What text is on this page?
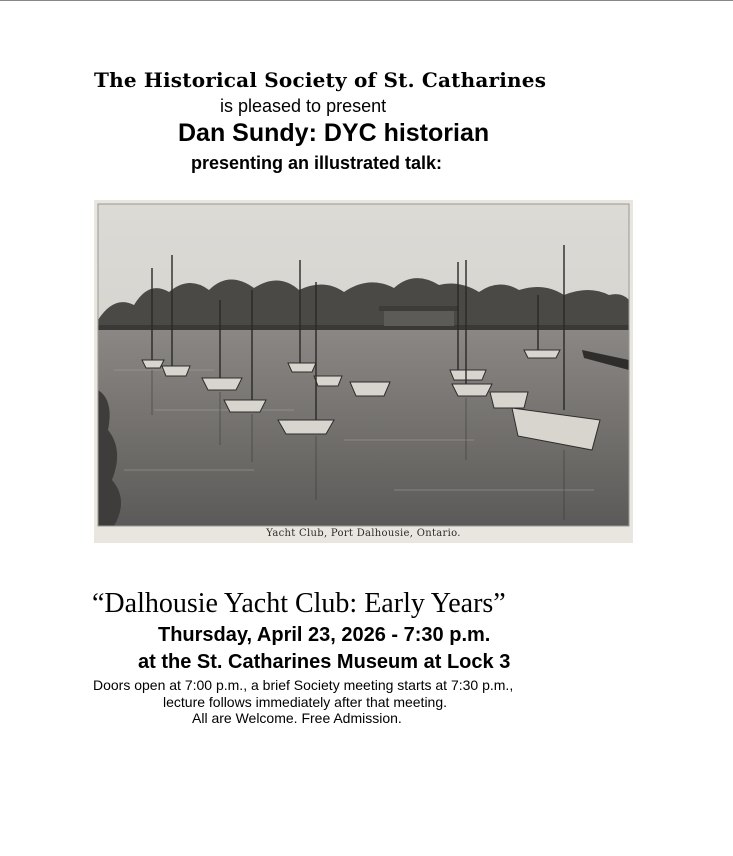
The Historical Society of St. Catharines
is pleased to present
Dan Sundy: DYC historian
presenting an illustrated talk:
Yacht Club, Port Dalhousie, Ontario.
“Dalhousie Yacht Club: Early Years”
Thursday, April 23, 2026 - 7:30 p.m.
at the St. Catharines Museum at Lock 3
Doors open at 7:00 p.m., a brief Society meeting starts at 7:30 p.m.,
lecture follows immediately after that meeting.
All are Welcome. Free Admission.
